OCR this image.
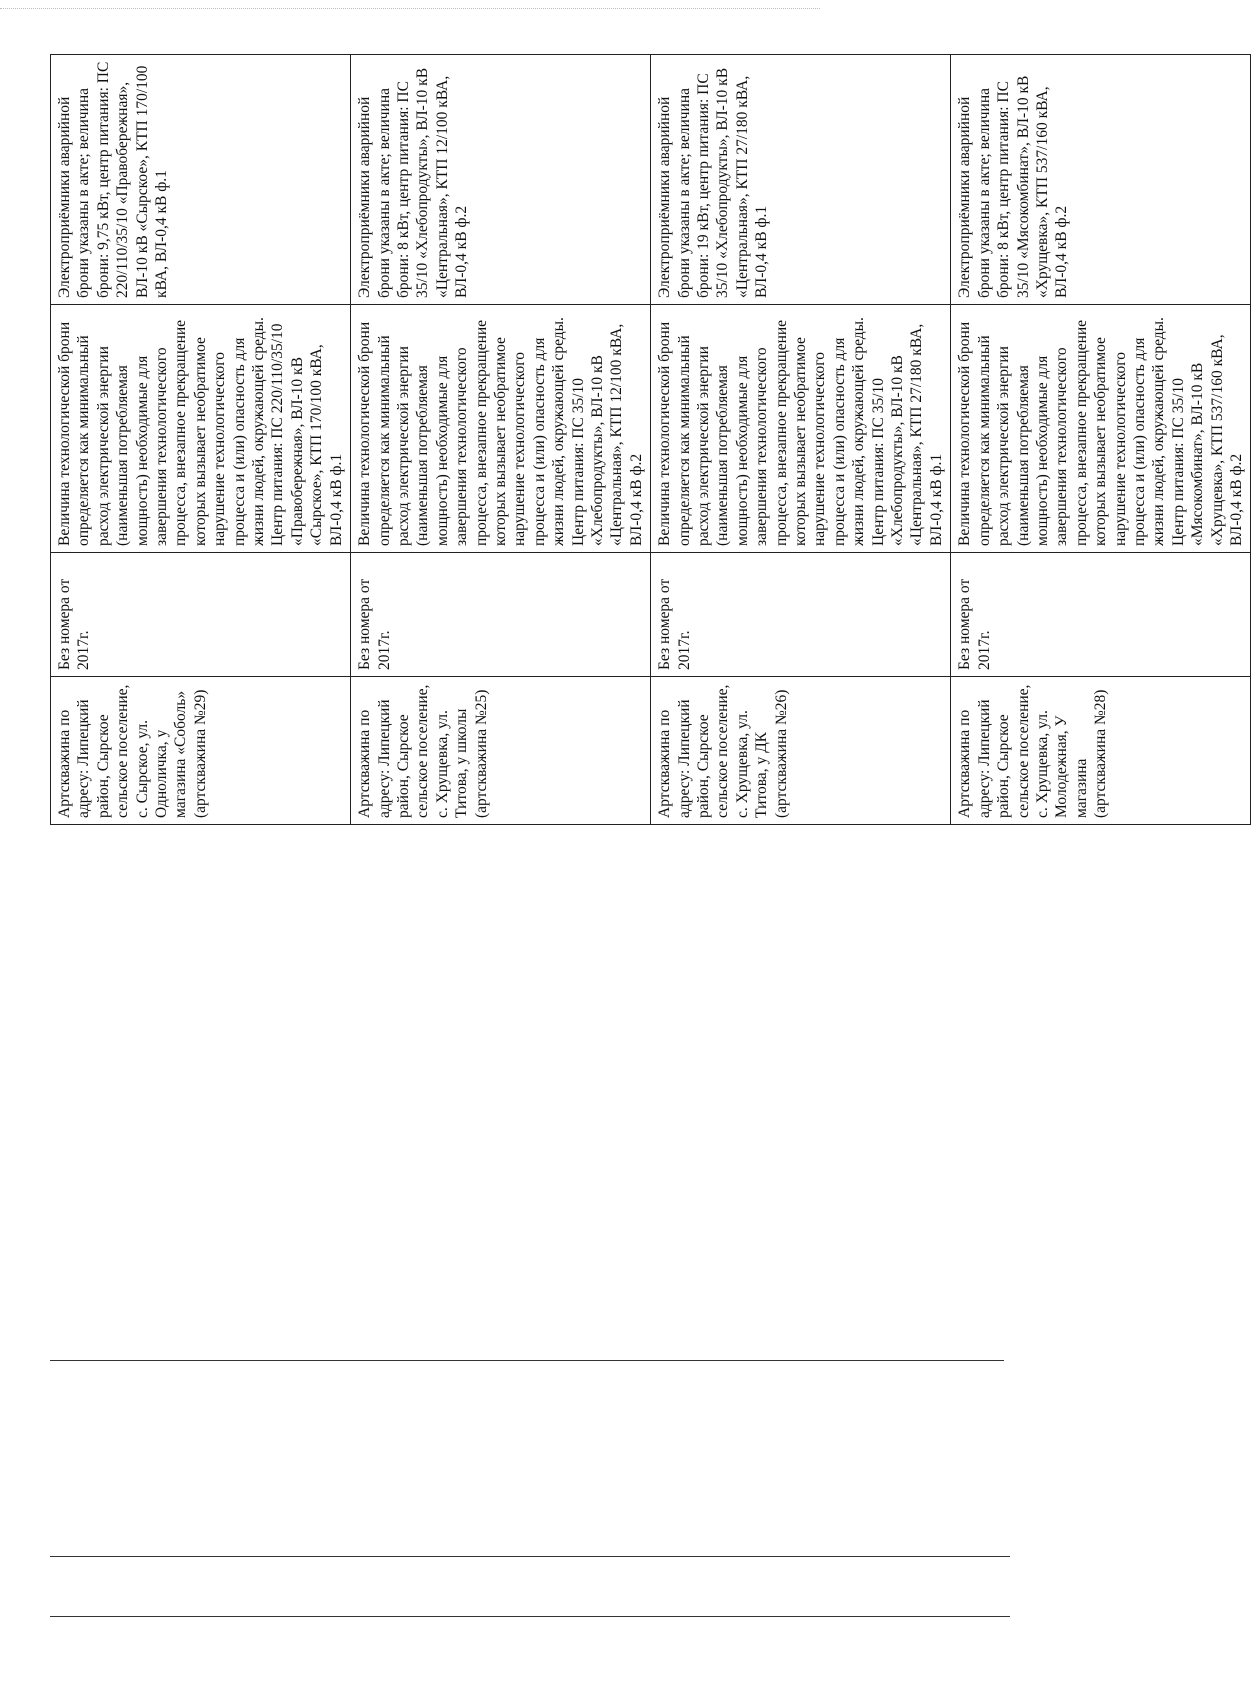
Артскважина по адресу: Липецкий район, Сырское сельское поселение, с. Сырское, ул. Одноличка, у магазина «Соболь» (артскважина №29)	Без номера от 2017г.	Величина технологической брони определяется как минимальный расход электрической энергии (наименьшая потребляемая мощность) необходимые для завершения технологического процесса, внезапное прекращение которых вызывает необратимое нарушение технологического процесса и (или) опасность для жизни людей, окружающей среды. Центр питания: ПС 220/110/35/10 «Правобережная», ВЛ-10 кВ «Сырское», КТП 170/100 кВА, ВЛ-0,4 кВ ф.1	Электроприёмники аварийной брони указаны в акте; величина брони: 9,75 кВт, центр питания: ПС 220/110/35/10 «Правобережная», ВЛ-10 кВ «Сырское», КТП 170/100 кВА, ВЛ-0,4 кВ ф.1
Артскважина по адресу: Липецкий район, Сырское сельское поселение, с. Хрущевка, ул. Титова, у школы (артскважина №25)	Без номера от 2017г.	Величина технологической брони определяется как минимальный расход электрической энергии (наименьшая потребляемая мощность) необходимые для завершения технологического процесса, внезапное прекращение которых вызывает необратимое нарушение технологического процесса и (или) опасность для жизни людей, окружающей среды. Центр питания: ПС 35/10 «Хлебопродукты», ВЛ-10 кВ «Центральная», КТП 12/100 кВА, ВЛ-0,4 кВ ф.2	Электроприёмники аварийной брони указаны в акте; величина брони: 8 кВт, центр питания: ПС 35/10 «Хлебопродукты», ВЛ-10 кВ «Центральная», КТП 12/100 кВА, ВЛ-0,4 кВ ф.2
Артскважина по адресу: Липецкий район, Сырское сельское поселение, с. Хрущевка, ул. Титова, у ДК (артскважина №26)	Без номера от 2017г.	Величина технологической брони определяется как минимальный расход электрической энергии (наименьшая потребляемая мощность) необходимые для завершения технологического процесса, внезапное прекращение которых вызывает необратимое нарушение технологического процесса и (или) опасность для жизни людей, окружающей среды. Центр питания: ПС 35/10 «Хлебопродукты», ВЛ-10 кВ «Центральная», КТП 27/180 кВА, ВЛ-0,4 кВ ф.1	Электроприёмники аварийной брони указаны в акте; величина брони: 19 кВт, центр питания: ПС 35/10 «Хлебопродукты», ВЛ-10 кВ «Центральная», КТП 27/180 кВА, ВЛ-0,4 кВ ф.1
Артскважина по адресу: Липецкий район, Сырское сельское поселение, с. Хрущевка, ул. Молодежная, У магазина (артскважина №28)	Без номера от 2017г.	Величина технологической брони определяется как минимальный расход электрической энергии (наименьшая потребляемая мощность) необходимые для завершения технологического процесса, внезапное прекращение которых вызывает необратимое нарушение технологического процесса и (или) опасность для жизни людей, окружающей среды. Центр питания: ПС 35/10 «Мясокомбинат», ВЛ-10 кВ «Хрущевка», КТП 537/160 кВА, ВЛ-0,4 кВ ф.2	Электроприёмники аварийной брони указаны в акте; величина брони: 8 кВт, центр питания: ПС 35/10 «Мясокомбинат», ВЛ-10 кВ «Хрущевка», КТП 537/160 кВА, ВЛ-0,4 кВ ф.2
